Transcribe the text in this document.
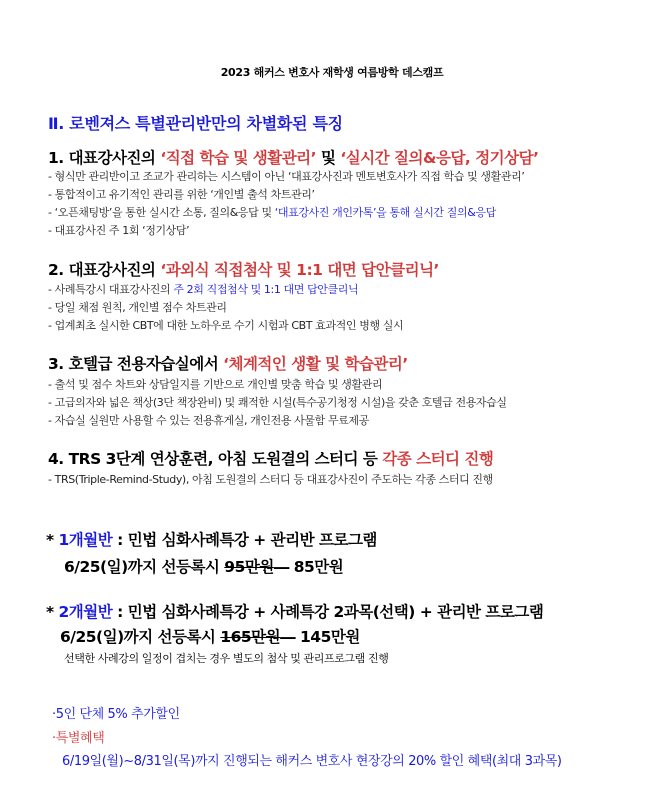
2023 해커스 변호사 재학생 여름방학 데스캠프
Ⅱ. 로벤져스 특별관리반만의 차별화된 특징
1. 대표강사진의 ‘직접 학습 및 생활관리’ 및 ‘실시간 질의&응답, 정기상담’
- 형식만 관리반이고 조교가 관리하는 시스템이 아닌 ‘대표강사진과 멘토변호사가 직접 학습 및 생활관리’
- 통합적이고 유기적인 관리를 위한 ‘개인별 출석 차트관리’
- ‘오픈채팅방’을 통한 실시간 소통, 질의&응답 및 ‘대표강사진 개인카톡’을 통해 실시간 질의&응답
- 대표강사진 주 1회 ‘정기상담’
2. 대표강사진의 ‘과외식 직접첨삭 및 1:1 대면 답안클리닉’
- 사례특강시 대표강사진의 주 2회 직접첨삭 및 1:1 대면 답안클리닉
- 당일 채점 원칙, 개인별 점수 차트관리
- 업계최초 실시한 CBT에 대한 노하우로 수기 시험과 CBT 효과적인 병행 실시
3. 호텔급 전용자습실에서 ‘체계적인 생활 및 학습관리’
- 출석 및 점수 차트와 상담일지를 기반으로 개인별 맞춤 학습 및 생활관리
- 고급의자와 넓은 책상(3단 책장완비) 및 쾌적한 시설(특수공기청정 시설)을 갖춘 호텔급 전용자습실
- 자습실 실원만 사용할 수 있는 전용휴게실, 개인전용 사물함 무료제공
4. TRS 3단계 연상훈련, 아침 도원결의 스터디 등 각종 스터디 진행
- TRS(Triple-Remind-Study), 아침 도원결의 스터디 등 대표강사진이 주도하는 각종 스터디 진행
* 1개월반 : 민법 심화사례특강 + 관리반 프로그램
6/25(일)까지 선등록시 95만원― 85만원
* 2개월반 : 민법 심화사례특강 + 사례특강 2과목(선택) + 관리반 프로그램
6/25(일)까지 선등록시 165만원― 145만원
선택한 사례강의 일정이 겹치는 경우 별도의 첨삭 및 관리프로그램 진행
·5인 단체 5% 추가할인
·특별혜택
6/19일(월)~8/31일(목)까지 진행되는 해커스 변호사 현장강의 20% 할인 혜택(최대 3과목)
